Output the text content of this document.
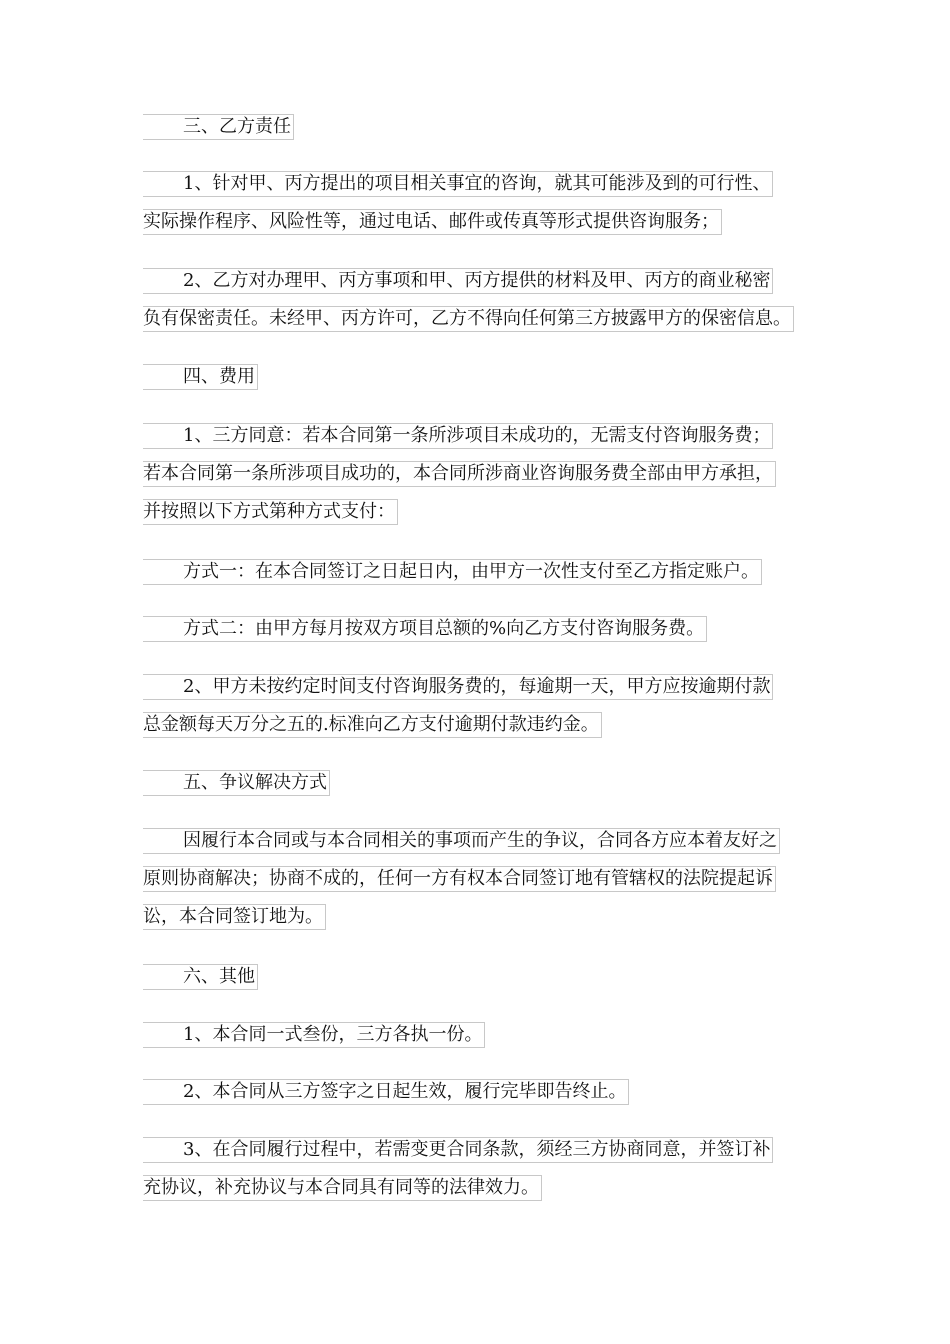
三、乙方责任
1、针对甲、丙方提出的项目相关事宜的咨询，就其可能涉及到的可行性、
实际操作程序、风险性等，通过电话、邮件或传真等形式提供咨询服务；
2、乙方对办理甲、丙方事项和甲、丙方提供的材料及甲、丙方的商业秘密
负有保密责任。未经甲、丙方许可，乙方不得向任何第三方披露甲方的保密信息。
四、费用
1、三方同意：若本合同第一条所涉项目未成功的，无需支付咨询服务费；
若本合同第一条所涉项目成功的，本合同所涉商业咨询服务费全部由甲方承担，
并按照以下方式第种方式支付：
方式一：在本合同签订之日起日内，由甲方一次性支付至乙方指定账户。
方式二：由甲方每月按双方项目总额的%向乙方支付咨询服务费。
2、甲方未按约定时间支付咨询服务费的，每逾期一天，甲方应按逾期付款
总金额每天万分之五的.标准向乙方支付逾期付款违约金。
五、争议解决方式
因履行本合同或与本合同相关的事项而产生的争议，合同各方应本着友好之
原则协商解决；协商不成的，任何一方有权本合同签订地有管辖权的法院提起诉
讼，本合同签订地为。
六、其他
1、本合同一式叁份，三方各执一份。
2、本合同从三方签字之日起生效，履行完毕即告终止。
3、在合同履行过程中，若需变更合同条款，须经三方协商同意，并签订补
充协议，补充协议与本合同具有同等的法律效力。
